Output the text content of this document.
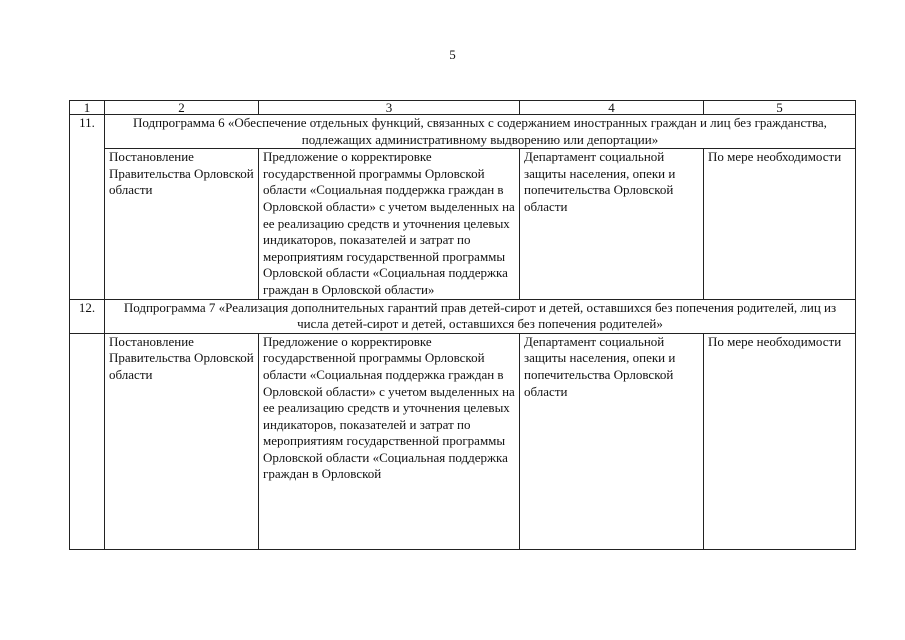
5
1	2	3	4	5
11.	Подпрограмма 6 «Обеспечение отдельных функций, связанных с содержанием иностранных граждан и лиц без гражданства, подлежащих административному выдворению или депортации»			
	Постановление Правительства Орловской области	Предложение о корректировке государственной программы Орловской области «Социальная поддержка граждан в Орловской области» с учетом выделенных на ее реализацию средств и уточнения целевых индикаторов, показателей и затрат по мероприятиям государственной программы Орловской области «Социальная поддержка граждан в Орловской области»	Департамент социальной защиты населения, опеки и попечительства Орловской области	По мере необходимости
12.	Подпрограмма 7 «Реализация дополнительных гарантий прав детей-сирот и детей, оставшихся без попечения родителей, лиц из числа детей-сирот и детей, оставшихся без попечения родителей»			
	Постановление Правительства Орловской области	Предложение о корректировке государственной программы Орловской области «Социальная поддержка граждан в Орловской области» с учетом выделенных на ее реализацию средств и уточнения целевых индикаторов, показателей и затрат по мероприятиям государственной программы Орловской области «Социальная поддержка граждан в Орловской	Департамент социальной защиты населения, опеки и попечительства Орловской области	По мере необходимости
